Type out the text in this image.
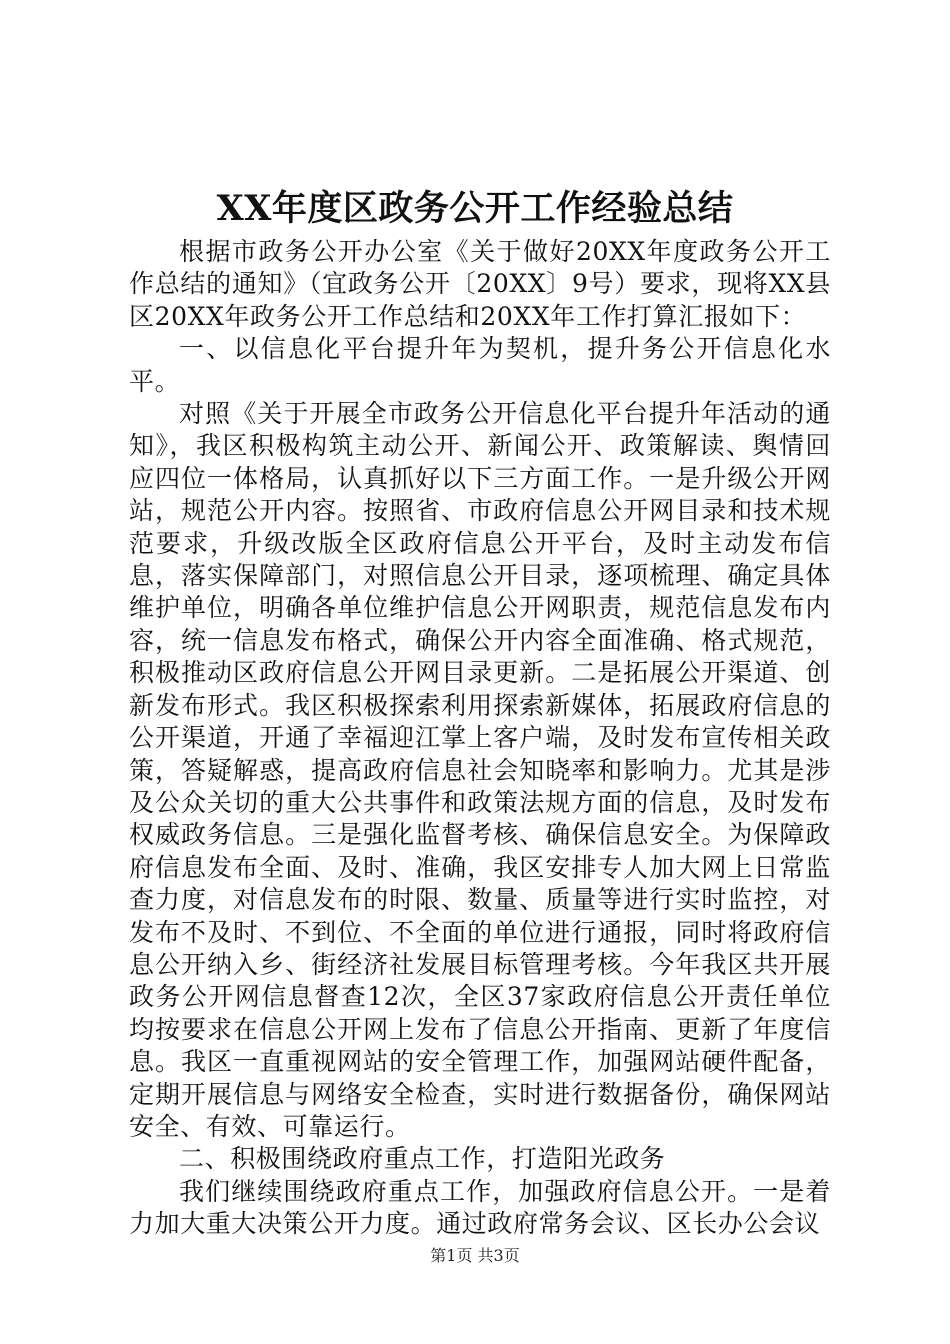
XX年度区政务公开工作经验总结

根据市政务公开办公室《关于做好20XX年度政务公开工作总结的通知》（宜政务公开〔20XX〕9号）要求，现将XX县区20XX年政务公开工作总结和20XX年工作打算汇报如下：

一、以信息化平台提升年为契机，提升务公开信息化水平。

对照《关于开展全市政务公开信息化平台提升年活动的通知》，我区积极构筑主动公开、新闻公开、政策解读、舆情回应四位一体格局，认真抓好以下三方面工作。一是升级公开网站，规范公开内容。按照省、市政府信息公开网目录和技术规范要求，升级改版全区政府信息公开平台，及时主动发布信息，落实保障部门，对照信息公开目录，逐项梳理、确定具体维护单位，明确各单位维护信息公开网职责，规范信息发布内容，统一信息发布格式，确保公开内容全面准确、格式规范，积极推动区政府信息公开网目录更新。二是拓展公开渠道、创新发布形式。我区积极探索利用探索新媒体，拓展政府信息的公开渠道，开通了幸福迎江掌上客户端，及时发布宣传相关政策，答疑解惑，提高政府信息社会知晓率和影响力。尤其是涉及公众关切的重大公共事件和政策法规方面的信息，及时发布权威政务信息。三是强化监督考核、确保信息安全。为保障政府信息发布全面、及时、准确，我区安排专人加大网上日常监查力度，对信息发布的时限、数量、质量等进行实时监控，对发布不及时、不到位、不全面的单位进行通报，同时将政府信息公开纳入乡、街经济社发展目标管理考核。今年我区共开展政务公开网信息督查12次，全区37家政府信息公开责任单位均按要求在信息公开网上发布了信息公开指南、更新了年度信息。我区一直重视网站的安全管理工作，加强网站硬件配备，定期开展信息与网络安全检查，实时进行数据备份，确保网站安全、有效、可靠运行。

二、积极围绕政府重点工作，打造阳光政务

我们继续围绕政府重点工作，加强政府信息公开。一是着力加大重大决策公开力度。通过政府常务会议、区长办公会议

第1页 共3页
